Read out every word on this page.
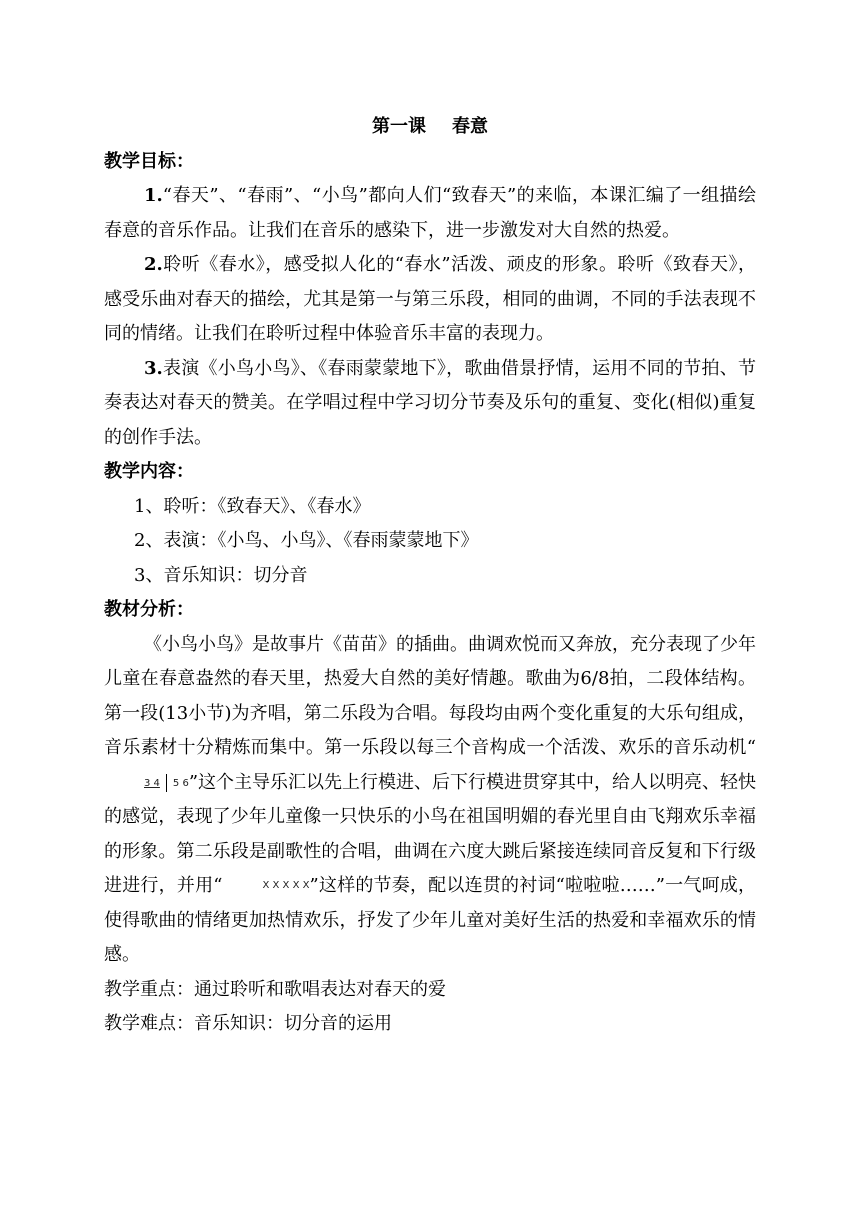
第一课 春意
教学目标：

1.“春天”、“春雨”、“小鸟”都向人们“致春天”的来临，本课汇编了一组描绘春意的音乐作品。让我们在音乐的感染下，进一步激发对大自然的热爱。

2.聆听《春水》，感受拟人化的“春水”活泼、顽皮的形象。聆听《致春天》，感受乐曲对春天的描绘，尤其是第一与第三乐段，相同的曲调，不同的手法表现不同的情绪。让我们在聆听过程中体验音乐丰富的表现力。

3.表演《小鸟小鸟》、《春雨蒙蒙地下》，歌曲借景抒情，运用不同的节拍、节奏表达对春天的赞美。在学唱过程中学习切分节奏及乐句的重复、变化(相似)重复的创作手法。

教学内容：

1、聆听：《致春天》、《春水》

2、表演：《小鸟、小鸟》、《春雨蒙蒙地下》

3、音乐知识：切分音

教材分析：

《小鸟小鸟》是故事片《苗苗》的插曲。曲调欢悦而又奔放，充分表现了少年儿童在春意盎然的春天里，热爱大自然的美好情趣。歌曲为6/8拍，二段体结构。第一段(13小节)为齐唱，第二乐段为合唱。每段均由两个变化重复的大乐句组成，音乐素材十分精炼而集中。第一乐段以每三个音构成一个活泼、欢乐的音乐动机“3 4 5 6”这个主导乐汇以先上行模进、后下行模进贯穿其中，给人以明亮、轻快的感觉，表现了少年儿童像一只快乐的小鸟在祖国明媚的春光里自由飞翔欢乐幸福的形象。第二乐段是副歌性的合唱，曲调在六度大跳后紧接连续同音反复和下行级进进行，并用“	X X X X X”这样的节奏，配以连贯的衬词“啦啦啦……”一气呵成，使得歌曲的情绪更加热情欢乐，抒发了少年儿童对美好生活的热爱和幸福欢乐的情感。

教学重点：通过聆听和歌唱表达对春天的爱

教学难点：音乐知识：切分音的运用
